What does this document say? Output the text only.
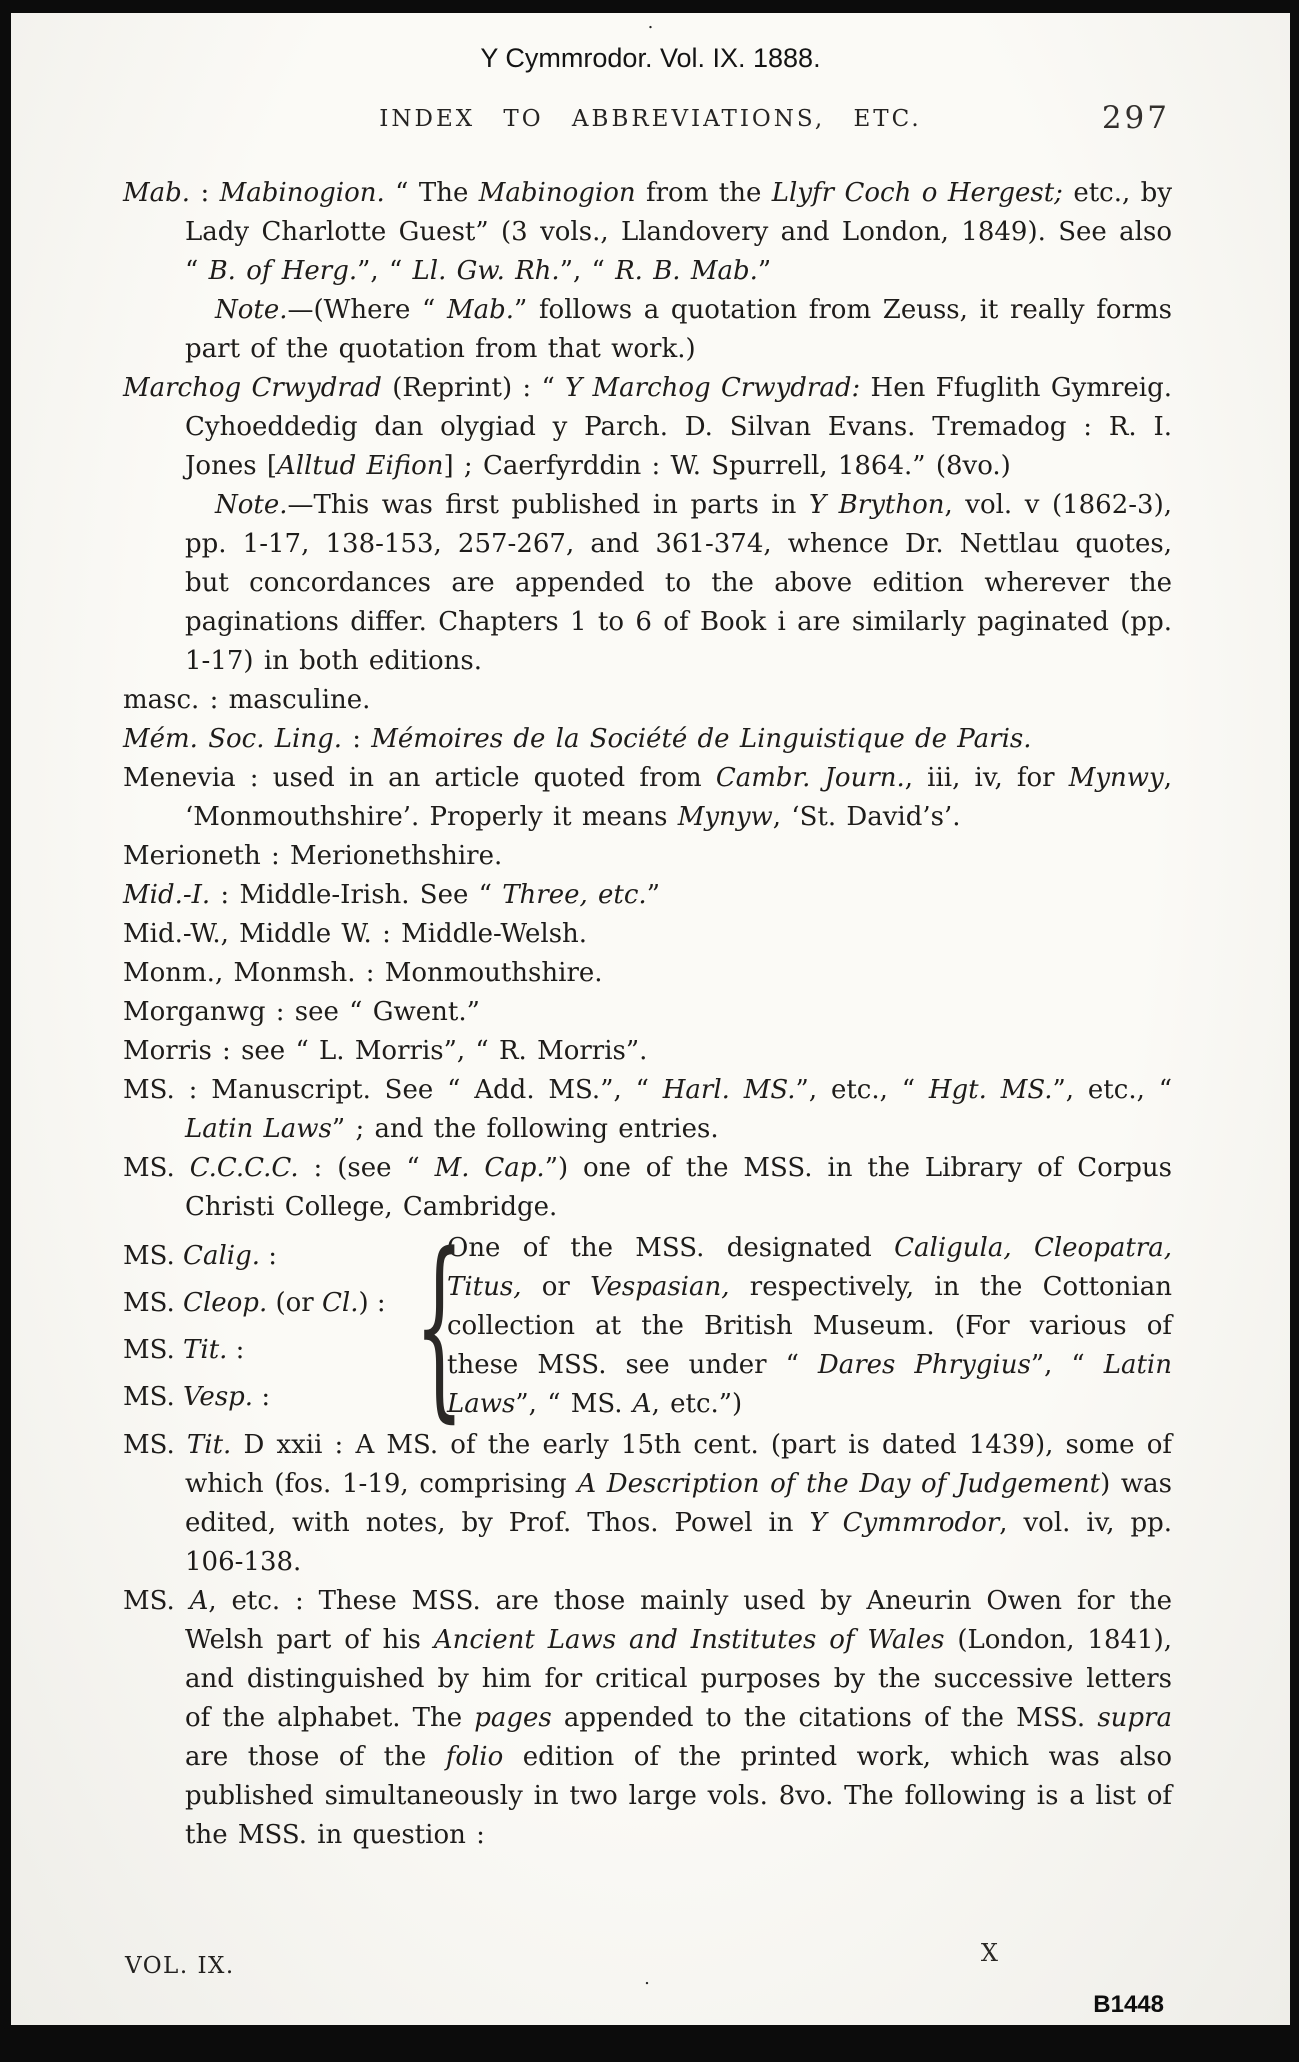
.
Y Cymmrodor. Vol. IX. 1888.
INDEX TO ABBREVIATIONS, ETC.	297
Mab. : Mabinogion. “ The Mabinogion from the Llyfr Coch o Hergest; etc., by Lady Charlotte Guest” (3 vols., Llandovery and London, 1849). See also “ B. of Herg.”, “ Ll. Gw. Rh.”, “ R. B. Mab.”
Note.—(Where “ Mab.” follows a quotation from Zeuss, it really forms part of the quotation from that work.)
Marchog Crwydrad (Reprint) : “ Y Marchog Crwydrad: Hen Ffuglith Gymreig. Cyhoeddedig dan olygiad y Parch. D. Silvan Evans. Tremadog : R. I. Jones [Alltud Eifion] ; Caerfyrddin : W. Spurrell, 1864.” (8vo.)
Note.—This was first published in parts in Y Brython, vol. v (1862-3), pp. 1-17, 138-153, 257-267, and 361-374, whence Dr. Nettlau quotes, but concordances are appended to the above edition wherever the paginations differ. Chapters 1 to 6 of Book i are similarly paginated (pp. 1-17) in both editions.
masc. : masculine.
Mém. Soc. Ling. : Mémoires de la Société de Linguistique de Paris.
Menevia : used in an article quoted from Cambr. Journ., iii, iv, for Mynwy, ‘Monmouthshire’. Properly it means Mynyw, ‘St. David’s’.
Merioneth : Merionethshire.
Mid.-I. : Middle-Irish. See “ Three, etc.”
Mid.-W., Middle W. : Middle-Welsh.
Monm., Monmsh. : Monmouthshire.
Morganwg : see “ Gwent.”
Morris : see “ L. Morris”, “ R. Morris”.
MS. : Manuscript. See “ Add. MS.”, “ Harl. MS.”, etc., “ Hgt. MS.”, etc., “ Latin Laws” ; and the following entries.
MS. C.C.C.C. : (see “ M. Cap.”) one of the MSS. in the Library of Corpus Christi College, Cambridge.
MS. Calig. :
MS. Cleop. (or Cl.) :
MS. Tit. :
MS. Vesp. :	{
One of the MSS. designated Caligula, Cleopatra, Titus, or Vespasian, respectively, in the Cottonian collection at the British Museum. (For various of these MSS. see under “ Dares Phrygius”, “ Latin Laws”, “ MS. A, etc.”)
MS. Tit. D xxii : A MS. of the early 15th cent. (part is dated 1439), some of which (fos. 1-19, comprising A Description of the Day of Judgement) was edited, with notes, by Prof. Thos. Powel in Y Cymmrodor, vol. iv, pp. 106-138.
MS. A, etc. : These MSS. are those mainly used by Aneurin Owen for the Welsh part of his Ancient Laws and Institutes of Wales (London, 1841), and distinguished by him for critical purposes by the successive letters of the alphabet. The pages appended to the citations of the MSS. supra are those of the folio edition of the printed work, which was also published simultaneously in two large vols. 8vo. The following is a list of the MSS. in question :
VOL. IX.	X
.
B1448
